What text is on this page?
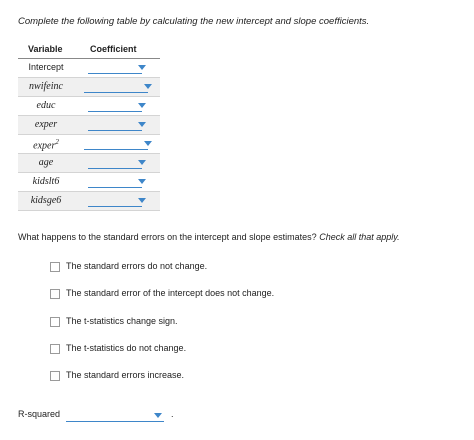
Complete the following table by calculating the new intercept and slope coefficients.
Variable	Coefficient
Intercept
nwifeinc
educ
exper
exper$^2$
age
kidslt6
kidsge6
What happens to the standard errors on the intercept and slope estimates? Check all that apply.
The standard errors do not change.
The standard error of the intercept does not change.
The t-statistics change sign.
The t-statistics do not change.
The standard errors increase.
R-squared	.
